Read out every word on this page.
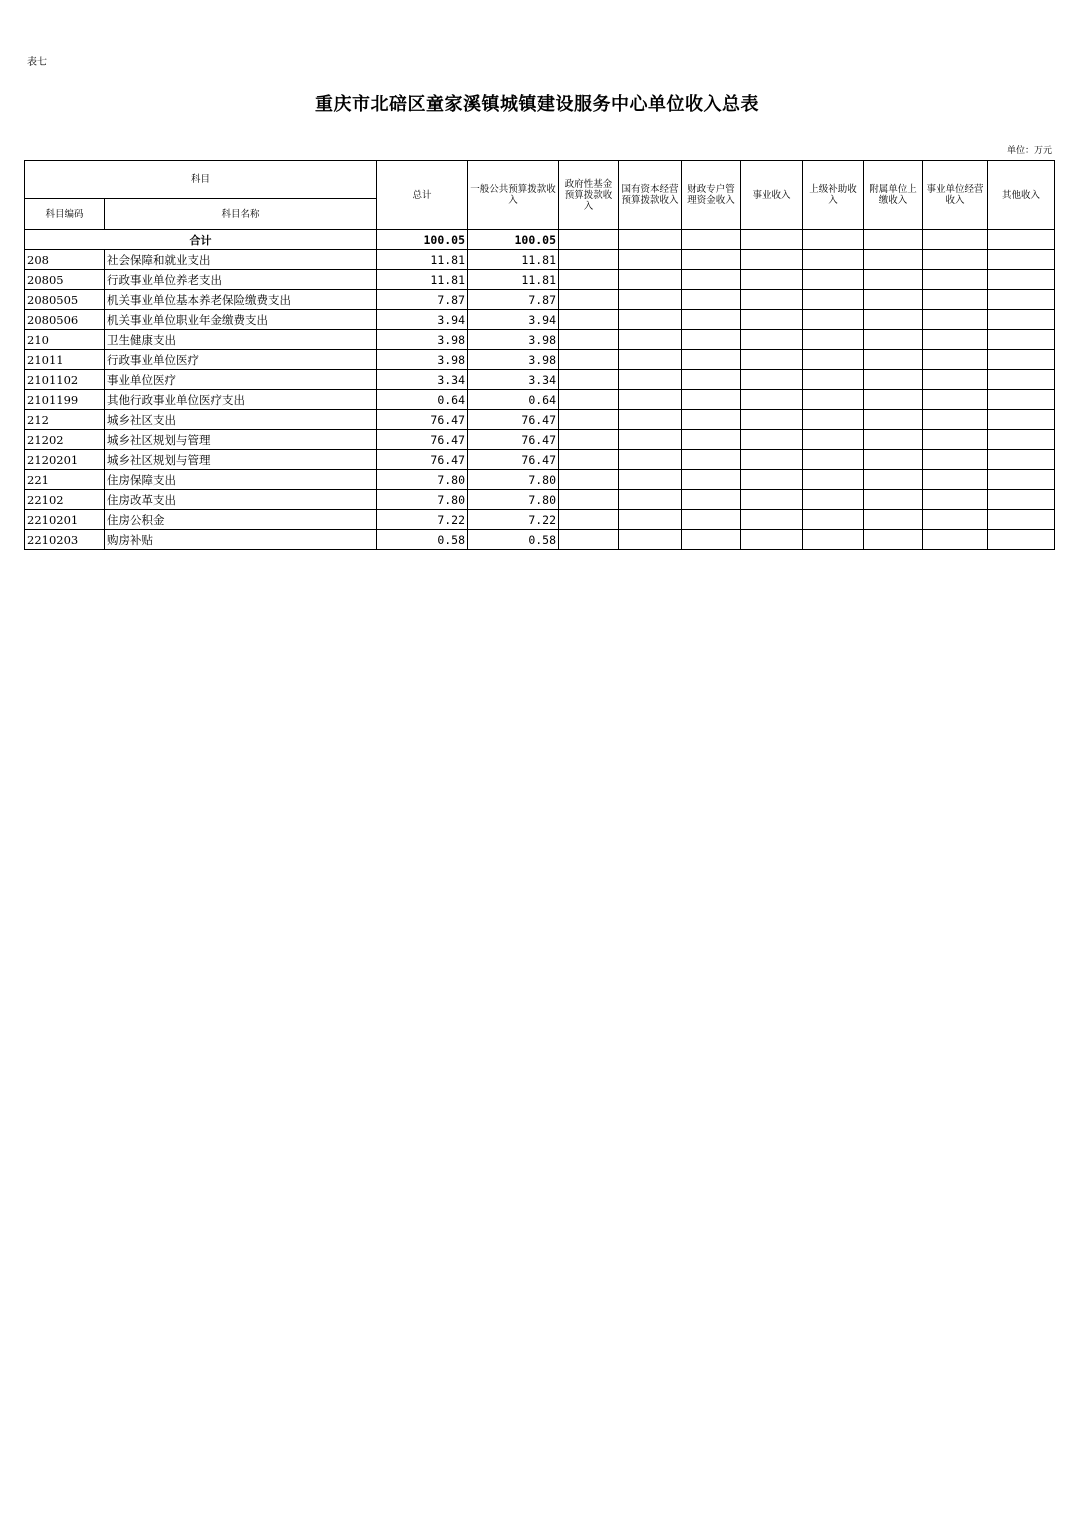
表七
重庆市北碚区童家溪镇城镇建设服务中心单位收入总表
单位：万元
科目		总计	一般公共预算拨款收入	政府性基金预算拨款收入	国有资本经营预算拨款收入	财政专户管理资金收入	事业收入	上级补助收入	附属单位上缴收入	事业单位经营收入	其他收入
科目编码	科目名称										
合计		100.05	100.05								
208	社会保障和就业支出	11.81	11.81								
20805	行政事业单位养老支出	11.81	11.81								
2080505	机关事业单位基本养老保险缴费支出	7.87	7.87								
2080506	机关事业单位职业年金缴费支出	3.94	3.94								
210	卫生健康支出	3.98	3.98								
21011	行政事业单位医疗	3.98	3.98								
2101102	事业单位医疗	3.34	3.34								
2101199	其他行政事业单位医疗支出	0.64	0.64								
212	城乡社区支出	76.47	76.47								
21202	城乡社区规划与管理	76.47	76.47								
2120201	城乡社区规划与管理	76.47	76.47								
221	住房保障支出	7.80	7.80								
22102	住房改革支出	7.80	7.80								
2210201	住房公积金	7.22	7.22								
2210203	购房补贴	0.58	0.58								
